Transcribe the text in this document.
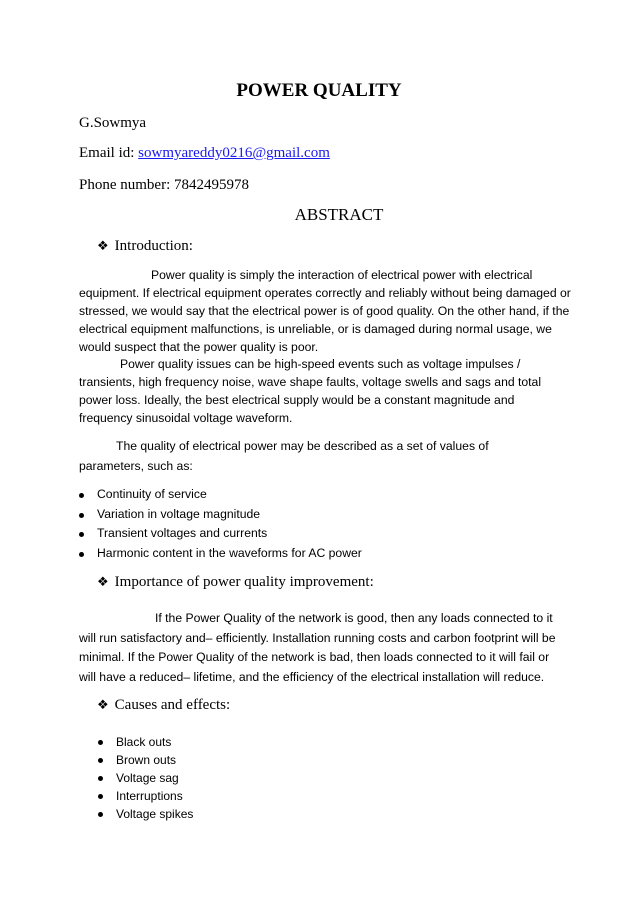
POWER QUALITY
G.Sowmya
Email id: sowmyareddy0216@gmail.com
Phone number: 7842495978
ABSTRACT
❖ Introduction:
Power quality is simply the interaction of electrical power with electrical equipment. If electrical equipment operates correctly and reliably without being damaged or stressed, we would say that the electrical power is of good quality. On the other hand, if the electrical equipment malfunctions, is unreliable, or is damaged during normal usage, we would suspect that the power quality is poor.
Power quality issues can be high-speed events such as voltage impulses / transients, high frequency noise, wave shape faults, voltage swells and sags and total power loss. Ideally, the best electrical supply would be a constant magnitude and frequency sinusoidal voltage waveform.
The quality of electrical power may be described as a set of values of parameters, such as:
Continuity of service
Variation in voltage magnitude
Transient voltages and currents
Harmonic content in the waveforms for AC power
❖ Importance of power quality improvement:
If the Power Quality of the network is good, then any loads connected to it will run satisfactory and– efficiently. Installation running costs and carbon footprint will be minimal. If the Power Quality of the network is bad, then loads connected to it will fail or will have a reduced– lifetime, and the efficiency of the electrical installation will reduce.
❖ Causes and effects:
Black outs
Brown outs
Voltage sag
Interruptions
Voltage spikes
